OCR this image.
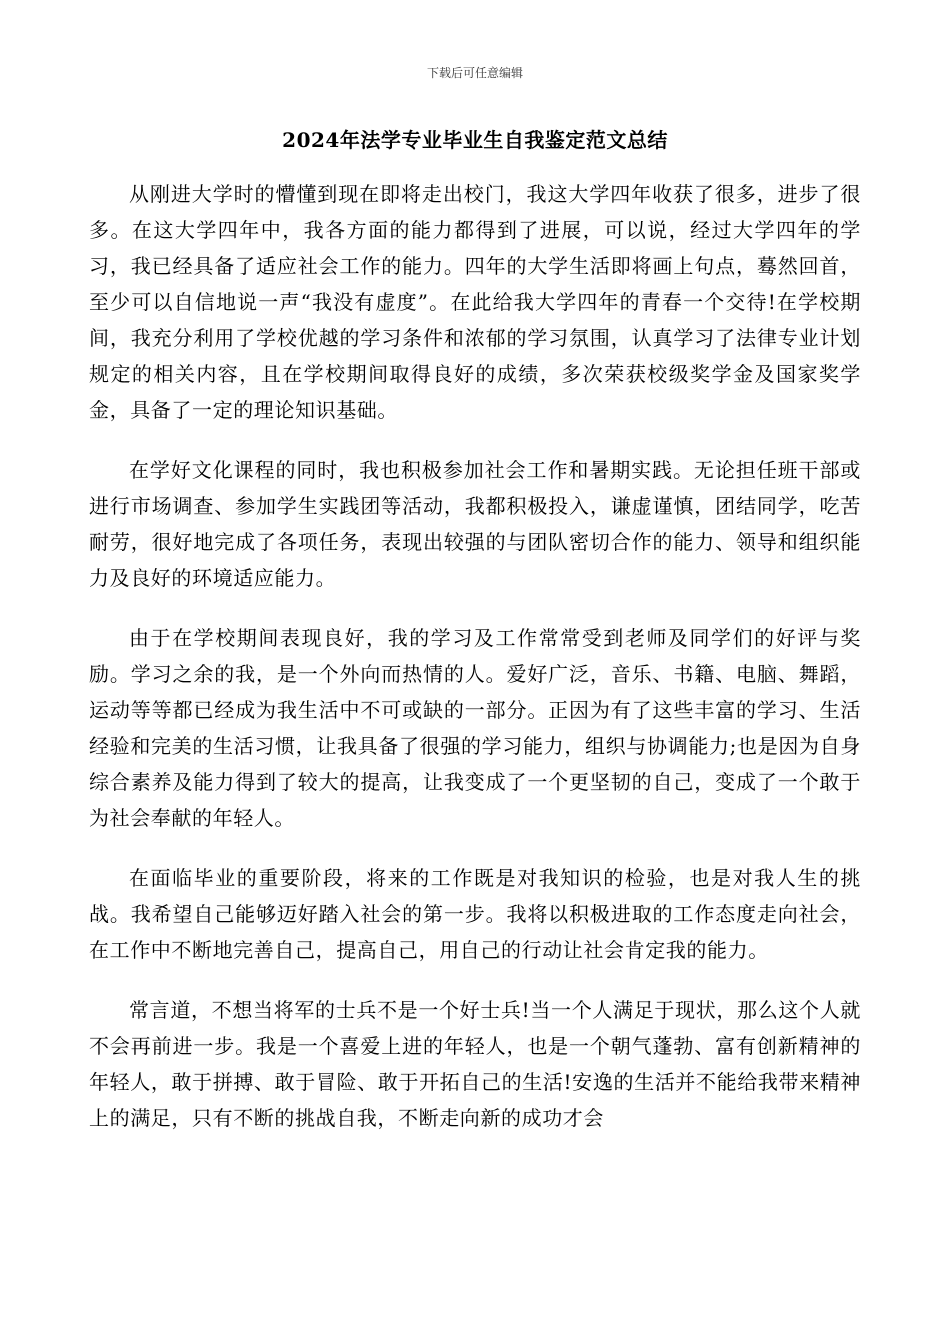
下载后可任意编辑
2024年法学专业毕业生自我鉴定范文总结

从刚进大学时的懵懂到现在即将走出校门，我这大学四年收获了很多，进步了很多。在这大学四年中，我各方面的能力都得到了进展，可以说，经过大学四年的学习，我已经具备了适应社会工作的能力。四年的大学生活即将画上句点，蓦然回首，至少可以自信地说一声“我没有虚度”。在此给我大学四年的青春一个交待!在学校期间，我充分利用了学校优越的学习条件和浓郁的学习氛围，认真学习了法律专业计划规定的相关内容，且在学校期间取得良好的成绩，多次荣获校级奖学金及国家奖学金，具备了一定的理论知识基础。

在学好文化课程的同时，我也积极参加社会工作和暑期实践。无论担任班干部或进行市场调查、参加学生实践团等活动，我都积极投入，谦虚谨慎，团结同学，吃苦耐劳，很好地完成了各项任务，表现出较强的与团队密切合作的能力、领导和组织能力及良好的环境适应能力。

由于在学校期间表现良好，我的学习及工作常常受到老师及同学们的好评与奖励。学习之余的我，是一个外向而热情的人。爱好广泛，音乐、书籍、电脑、舞蹈，运动等等都已经成为我生活中不可或缺的一部分。正因为有了这些丰富的学习、生活经验和完美的生活习惯，让我具备了很强的学习能力，组织与协调能力;也是因为自身综合素养及能力得到了较大的提高，让我变成了一个更坚韧的自己，变成了一个敢于为社会奉献的年轻人。

在面临毕业的重要阶段，将来的工作既是对我知识的检验，也是对我人生的挑战。我希望自己能够迈好踏入社会的第一步。我将以积极进取的工作态度走向社会，在工作中不断地完善自己，提高自己，用自己的行动让社会肯定我的能力。

常言道，不想当将军的士兵不是一个好士兵!当一个人满足于现状，那么这个人就不会再前进一步。我是一个喜爱上进的年轻人，也是一个朝气蓬勃、富有创新精神的年轻人，敢于拼搏、敢于冒险、敢于开拓自己的生活!安逸的生活并不能给我带来精神上的满足，只有不断的挑战自我，不断走向新的成功才会
